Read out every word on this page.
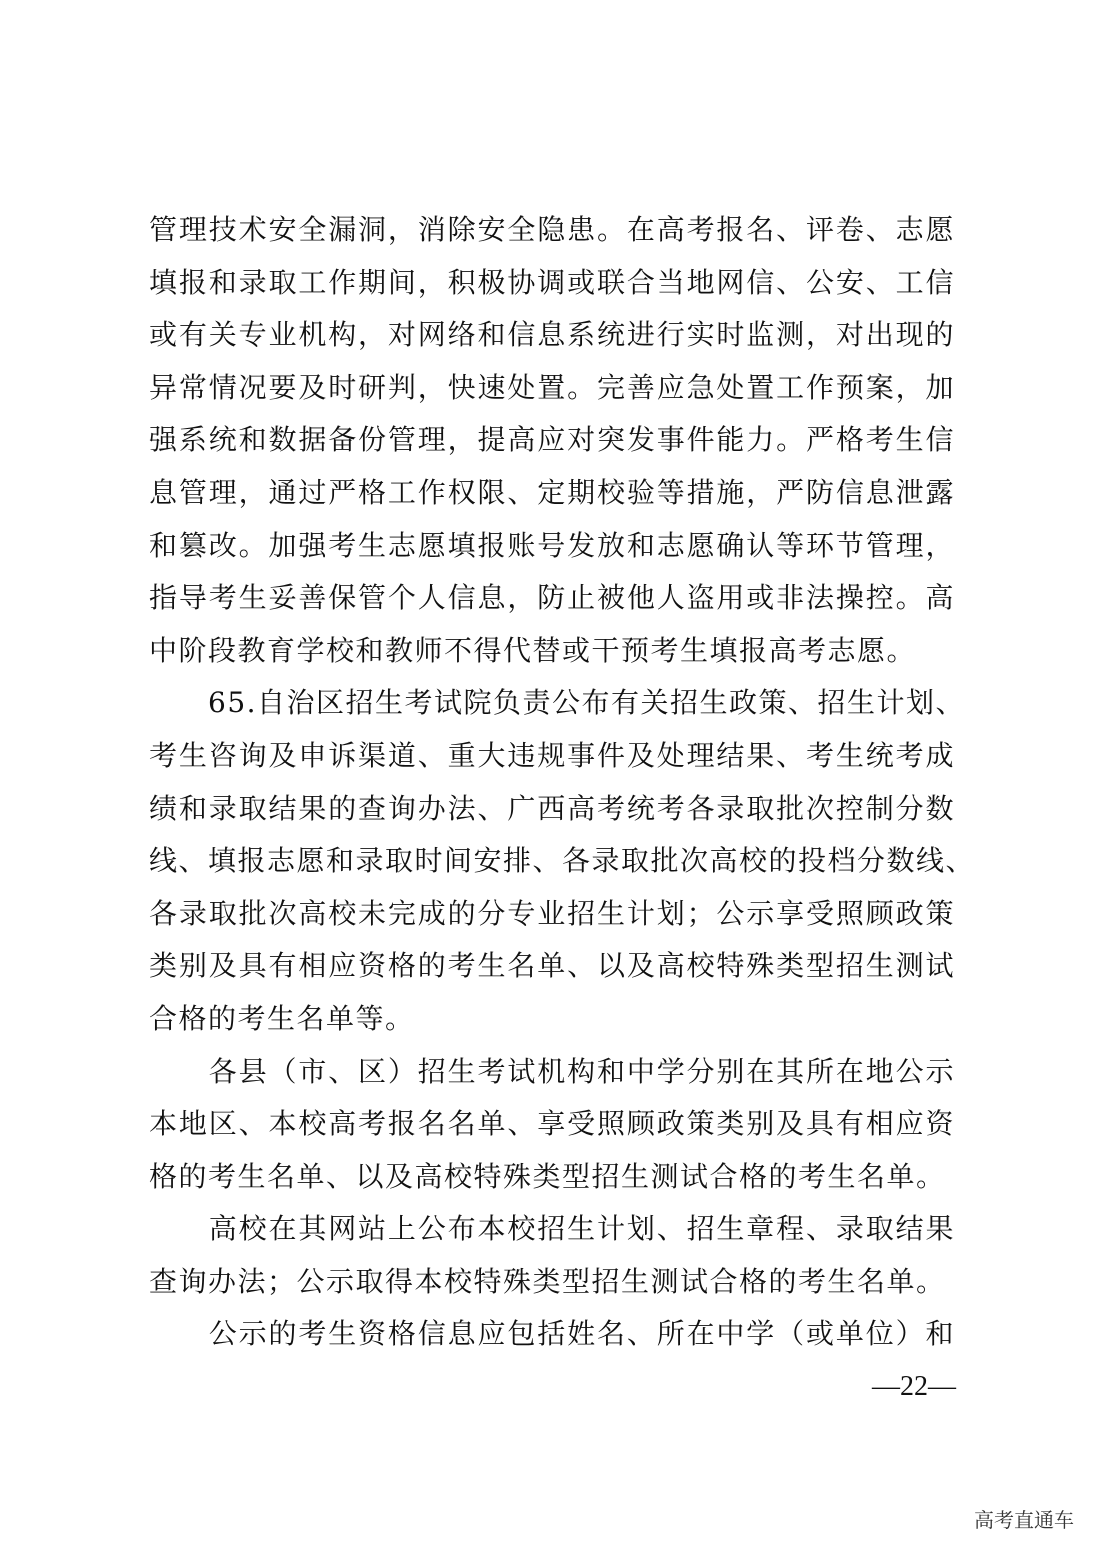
管理技术安全漏洞，消除安全隐患。在高考报名、评卷、志愿
填报和录取工作期间，积极协调或联合当地网信、公安、工信
或有关专业机构，对网络和信息系统进行实时监测，对出现的
异常情况要及时研判，快速处置。完善应急处置工作预案，加
强系统和数据备份管理，提高应对突发事件能力。严格考生信
息管理，通过严格工作权限、定期校验等措施，严防信息泄露
和篡改。加强考生志愿填报账号发放和志愿确认等环节管理，
指导考生妥善保管个人信息，防止被他人盗用或非法操控。高
中阶段教育学校和教师不得代替或干预考生填报高考志愿。
　　65.自治区招生考试院负责公布有关招生政策、招生计划、
考生咨询及申诉渠道、重大违规事件及处理结果、考生统考成
绩和录取结果的查询办法、广西高考统考各录取批次控制分数
线、填报志愿和录取时间安排、各录取批次高校的投档分数线、
各录取批次高校未完成的分专业招生计划；公示享受照顾政策
类别及具有相应资格的考生名单、以及高校特殊类型招生测试
合格的考生名单等。
　　各县（市、区）招生考试机构和中学分别在其所在地公示
本地区、本校高考报名名单、享受照顾政策类别及具有相应资
格的考生名单、以及高校特殊类型招生测试合格的考生名单。
　　高校在其网站上公布本校招生计划、招生章程、录取结果
查询办法；公示取得本校特殊类型招生测试合格的考生名单。
　　公示的考生资格信息应包括姓名、所在中学（或单位）和
—22—
高考直通车
